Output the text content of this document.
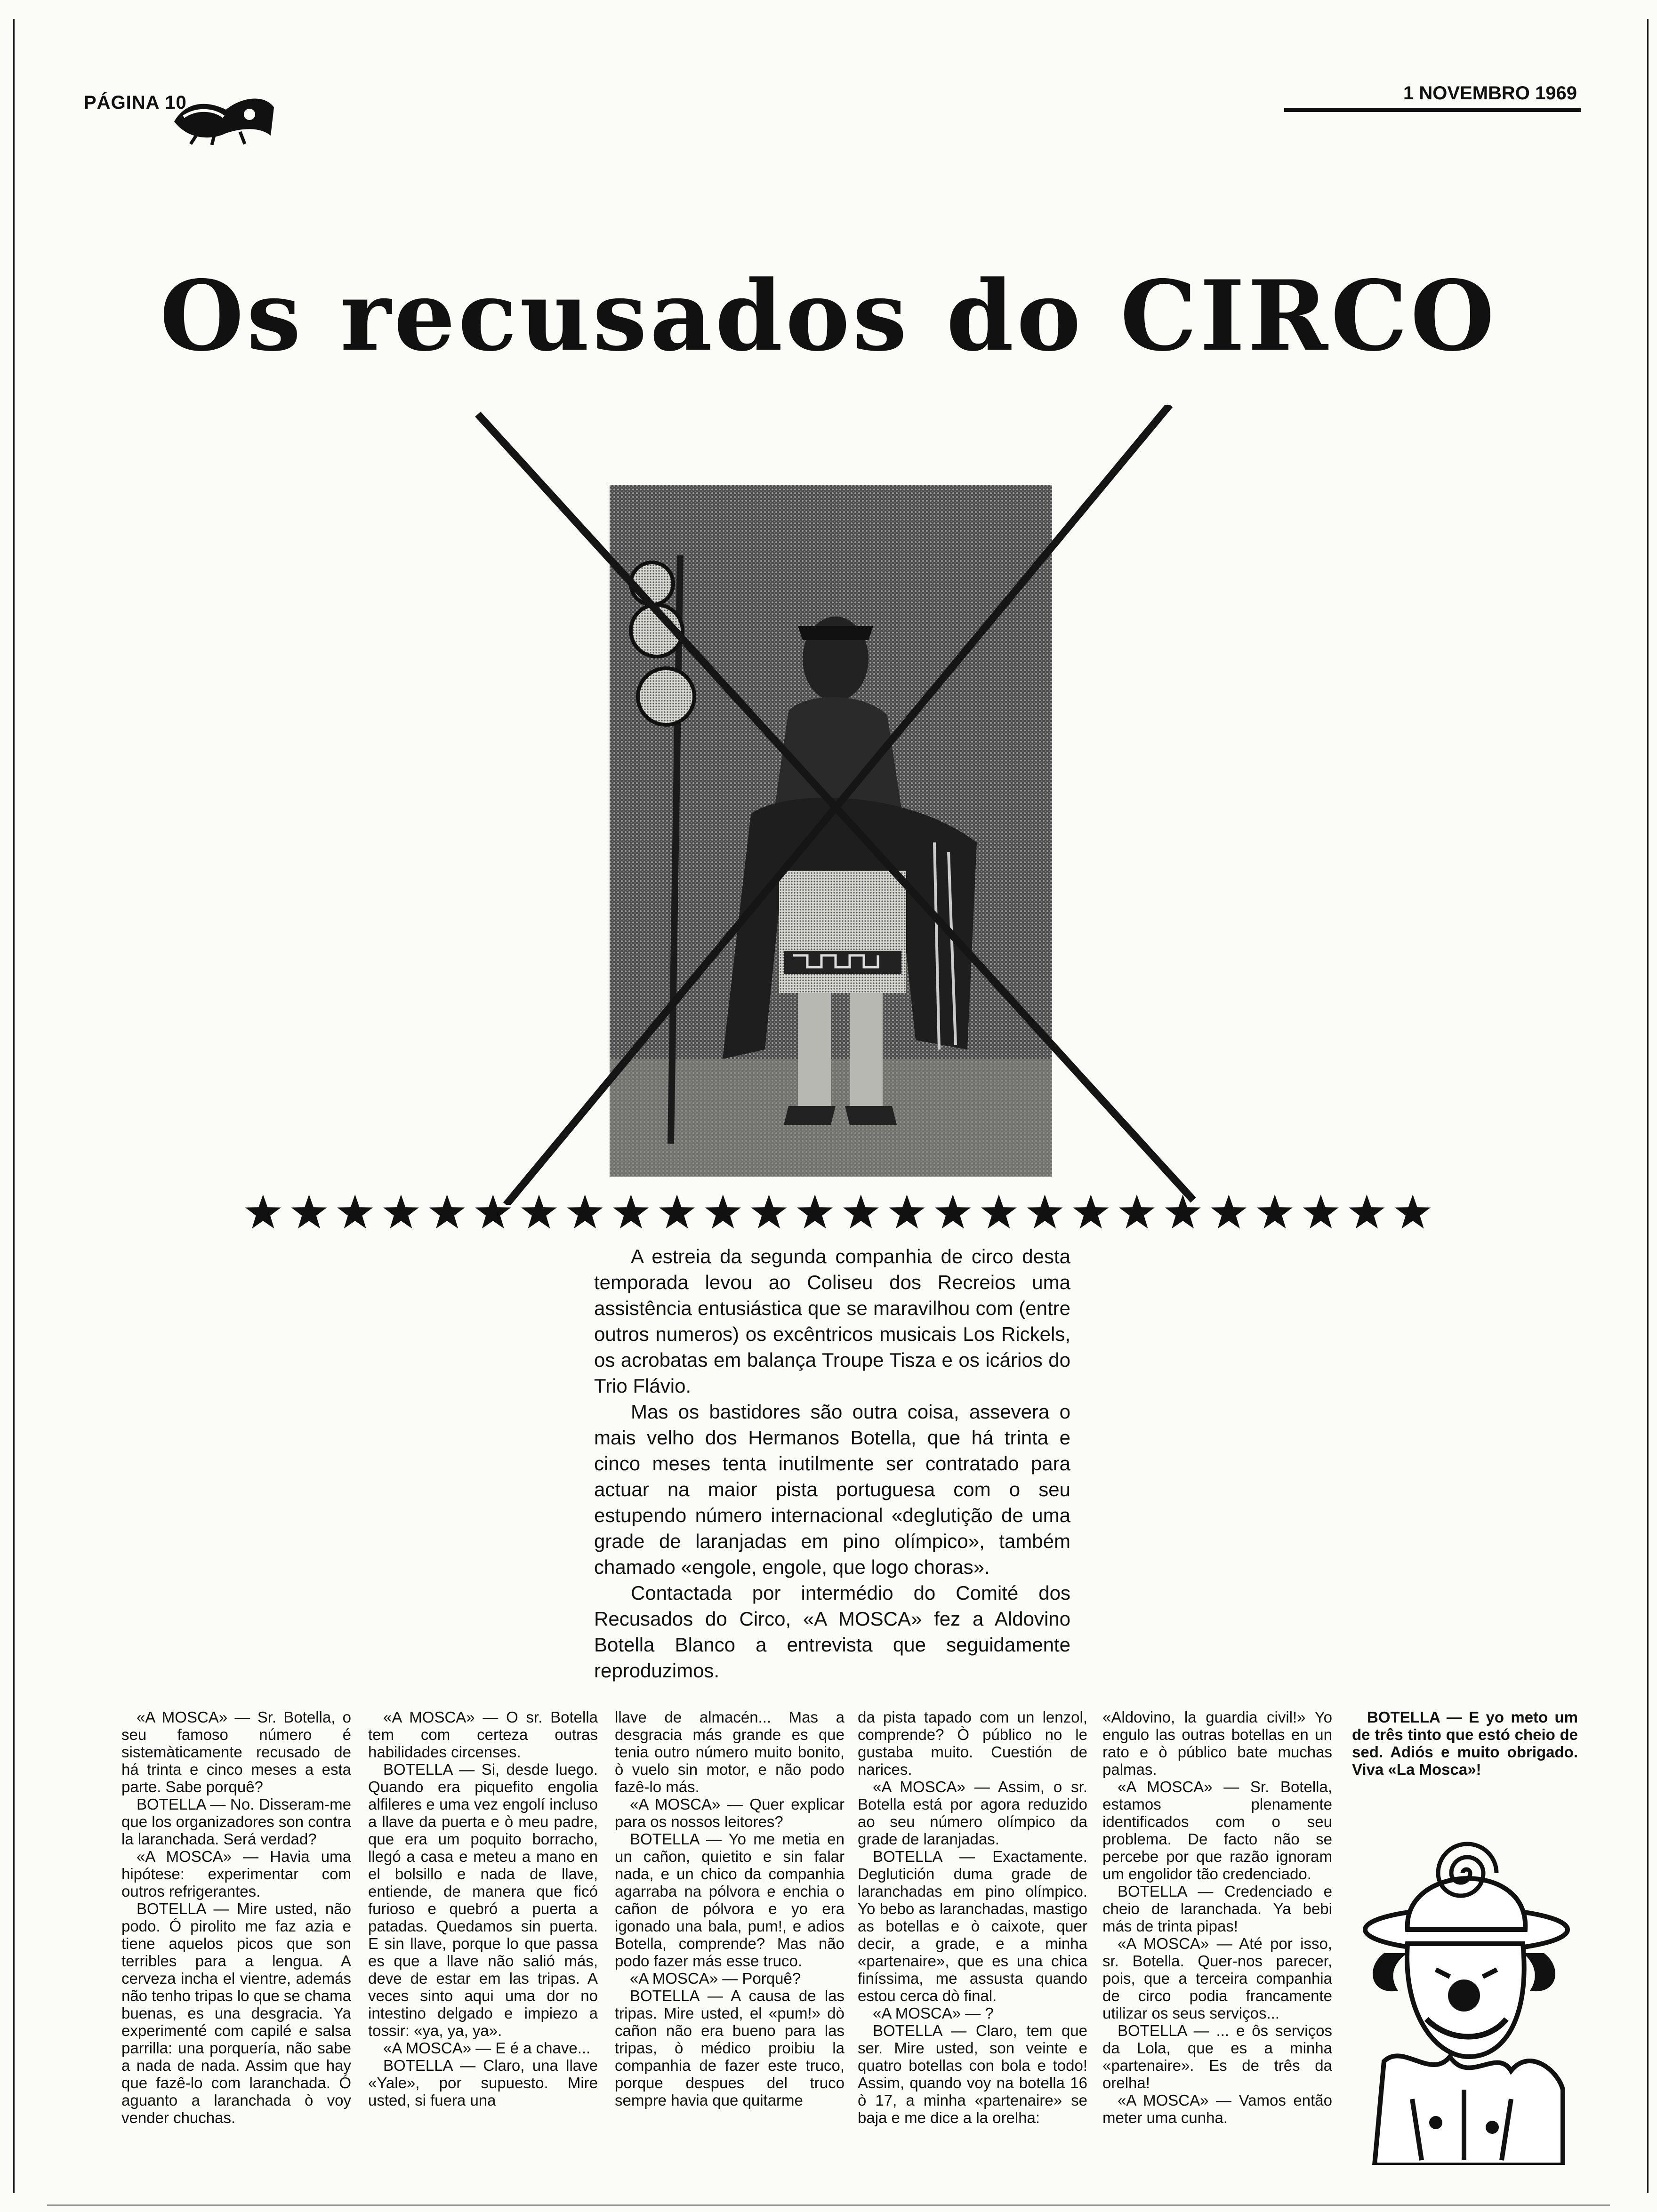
PÁGINA 10	1 NOVEMBRO 1969
Os recusados do CIRCO

A estreia da segunda companhia de circo desta temporada levou ao Coliseu dos Recreios uma assistência entusiástica que se maravilhou com (entre outros numeros) os excêntricos musicais Los Rickels, os acrobatas em balança Troupe Tisza e os icários do Trio Flávio.

Mas os bastidores são outra coisa, assevera o mais velho dos Hermanos Botella, que há trinta e cinco meses tenta inutilmente ser contratado para actuar na maior pista portuguesa com o seu estupendo número internacional «deglutição de uma grade de laranjadas em pino olímpico», também chamado «engole, engole, que logo choras».

Contactada por intermédio do Comité dos Recusados do Circo, «A MOSCA» fez a Aldovino Botella Blanco a entrevista que seguidamente reproduzimos.

«A MOSCA» — Sr. Botella, o seu famoso número é sistemàticamente recusado de há trinta e cinco meses a esta parte. Sabe porquê?

BOTELLA — No. Disseram-me que los organizadores son contra la laranchada. Será verdad?

«A MOSCA» — Havia uma hipótese: experimentar com outros refrigerantes.

BOTELLA — Mire usted, não podo. Ó pirolito me faz azia e tiene aquelos picos que son terribles para a lengua. A cerveza incha el vientre, además não tenho tripas lo que se chama buenas, es una desgracia. Ya experimenté com capilé e salsa parrilla: una porquería, não sabe a nada de nada. Assim que hay que fazê-lo com laranchada. Ó aguanto a laranchada ò voy vender chuchas.

«A MOSCA» — O sr. Botella tem com certeza outras habilidades circenses.

BOTELLA — Si, desde luego. Quando era piquefito engolia alfileres e uma vez engolí incluso a llave da puerta e ò meu padre, que era um poquito borracho, llegó a casa e meteu a mano en el bolsillo e nada de llave, entiende, de manera que ficó furioso e quebró a puerta a patadas. Quedamos sin puerta. E sin llave, porque lo que passa es que a llave não salió más, deve de estar em las tripas. A veces sinto aqui uma dor no intestino delgado e impiezo a tossir: «ya, ya, ya».

«A MOSCA» — E é a chave...

BOTELLA — Claro, una llave «Yale», por supuesto. Mire usted, si fuera una

llave de almacén... Mas a desgracia más grande es que tenia outro número muito bonito, ò vuelo sin motor, e não podo fazê-lo más.

«A MOSCA» — Quer explicar para os nossos leitores?

BOTELLA — Yo me metia en un cañon, quietito e sin falar nada, e un chico da companhia agarraba na pólvora e enchia o cañon de pólvora e yo era igonado una bala, pum!, e adios Botella, comprende? Mas não podo fazer más esse truco.

«A MOSCA» — Porquê?

BOTELLA — A causa de las tripas. Mire usted, el «pum!» dò cañon não era bueno para las tripas, ò médico proibiu la companhia de fazer este truco, porque despues del truco sempre havia que quitarme

da pista tapado com un lenzol, comprende? Ò público no le gustaba muito. Cuestión de narices.

«A MOSCA» — Assim, o sr. Botella está por agora reduzido ao seu número olímpico da grade de laranjadas.

BOTELLA — Exactamente. Deglutición duma grade de laranchadas em pino olímpico. Yo bebo as laranchadas, mastigo as botellas e ò caixote, quer decir, a grade, e a minha «partenaire», que es una chica finíssima, me assusta quando estou cerca dò final.

«A MOSCA» — ?

BOTELLA — Claro, tem que ser. Mire usted, son veinte e quatro botellas con bola e todo! Assim, quando voy na botella 16 ò 17, a minha «partenaire» se baja e me dice a la orelha:

«Aldovino, la guardia civil!» Yo engulo las outras botellas en un rato e ò público bate muchas palmas.

«A MOSCA» — Sr. Botella, estamos plenamente identificados com o seu problema. De facto não se percebe por que razão ignoram um engolidor tão credenciado.

BOTELLA — Credenciado e cheio de laranchada. Ya bebi más de trinta pipas!

«A MOSCA» — Até por isso, sr. Botella. Quer-nos parecer, pois, que a terceira companhia de circo podia francamente utilizar os seus serviços...

BOTELLA — ... e ôs serviços da Lola, que es a minha «partenaire». Es de três da orelha!

«A MOSCA» — Vamos então meter uma cunha.

BOTELLA — E yo meto um de três tinto que estó cheio de sed. Adiós e muito obrigado. Viva «La Mosca»!
